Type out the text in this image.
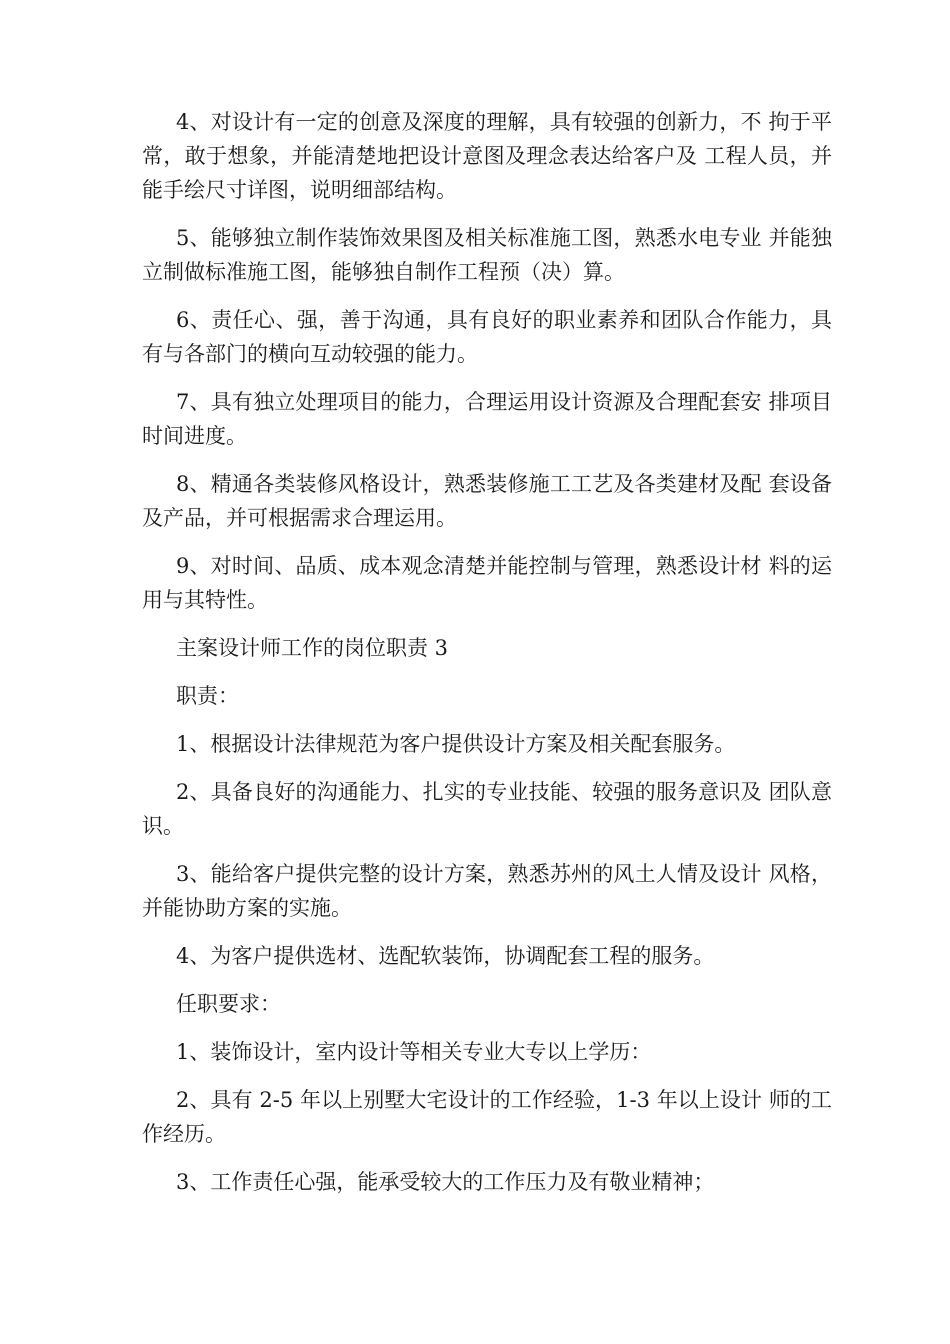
4、对设计有一定的创意及深度的理解，具有较强的创新力，不 拘于平常，敢于想象，并能清楚地把设计意图及理念表达给客户及 工程人员，并能手绘尺寸详图，说明细部结构。

5、能够独立制作装饰效果图及相关标准施工图，熟悉水电专业 并能独立制做标准施工图，能够独自制作工程预（决）算。

6、责任心、强，善于沟通，具有良好的职业素养和团队合作能力，具有与各部门的横向互动较强的能力。

7、具有独立处理项目的能力，合理运用设计资源及合理配套安 排项目时间进度。

8、精通各类装修风格设计，熟悉装修施工工艺及各类建材及配 套设备及产品，并可根据需求合理运用。

9、对时间、品质、成本观念清楚并能控制与管理，熟悉设计材 料的运用与其特性。

主案设计师工作的岗位职责 3

职责：

1、根据设计法律规范为客户提供设计方案及相关配套服务。

2、具备良好的沟通能力、扎实的专业技能、较强的服务意识及 团队意识。

3、能给客户提供完整的设计方案，熟悉苏州的风土人情及设计 风格，并能协助方案的实施。

4、为客户提供选材、选配软装饰，协调配套工程的服务。

任职要求：

1、装饰设计，室内设计等相关专业大专以上学历：

2、具有 2-5 年以上别墅大宅设计的工作经验，1-3 年以上设计 师的工作经历。

3、工作责任心强，能承受较大的工作压力及有敬业精神；
